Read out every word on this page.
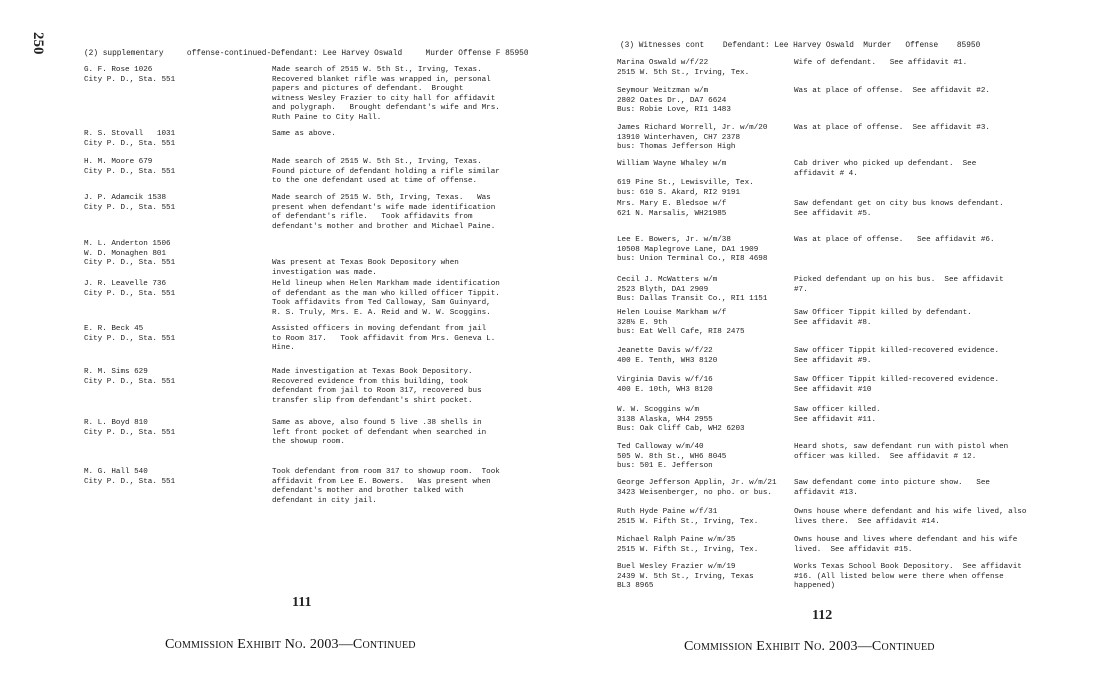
250	(2) supplementary     offense-continued-Defendant: Lee Harvey Oswald     Murder Offense F 85950
G. F. Rose 1026
City P. D., Sta. 551
Made search of 2515 W. 5th St., Irving, Texas.
Recovered blanket rifle was wrapped in, personal
papers and pictures of defendant.  Brought
witness Wesley Frazier to city hall for affidavit
and polygraph.   Brought defendant's wife and Mrs.
Ruth Paine to City Hall.
R. S. Stovall   1031
City P. D., Sta. 551
Same as above.
H. M. Moore 679
City P. D., Sta. 551
Made search of 2515 W. 5th St., Irving, Texas.
Found picture of defendant holding a rifle similar
to the one defendant used at time of offense.
J. P. Adamcik 1538
City P. D., Sta. 551
Made search of 2515 W. 5th, Irving, Texas.   Was
present when defendant's wife made identification
of defendant's rifle.   Took affidavits from
defendant's mother and brother and Michael Paine.
M. L. Anderton 1506
W. D. Monaghen 801
City P. D., Sta. 551	

Was present at Texas Book Depository when
investigation was made.
J. R. Leavelle 736
City P. D., Sta. 551
Held lineup when Helen Markham made identification
of defendant as the man who killed officer Tippit.
Took affidavits from Ted Calloway, Sam Guinyard,
R. S. Truly, Mrs. E. A. Reid and W. W. Scoggins.
E. R. Beck 45
City P. D., Sta. 551
Assisted officers in moving defendant from jail
to Room 317.   Took affidavit from Mrs. Geneva L.
Hine.
R. M. Sims 629
City P. D., Sta. 551
Made investigation at Texas Book Depository.
Recovered evidence from this building, took
defendant from jail to Room 317, recovered bus
transfer slip from defendant's shirt pocket.
R. L. Boyd 810
City P. D., Sta. 551
Same as above, also found 5 live .38 shells in
left front pocket of defendant when searched in
the showup room.
M. G. Hall 540
City P. D., Sta. 551
Took defendant from room 317 to showup room.  Took
affidavit from Lee E. Bowers.   Was present when
defendant's mother and brother talked with
defendant in city jail.
111
Commission Exhibit No. 2003—Continued
(3) Witnesses cont    Defendant: Lee Harvey Oswald  Murder   Offense    85950
Marina Oswald w/f/22
2515 W. 5th St., Irving, Tex.
Wife of defendant.   See affidavit #1.
Seymour Weitzman w/m
2802 Oates Dr., DA7 6624
Bus: Robie Love, RI1 1483
Was at place of offense.  See affidavit #2.
James Richard Worrell, Jr. w/m/20
13910 Winterhaven, CH7 2378
bus: Thomas Jefferson High
Was at place of offense.  See affidavit #3.
William Wayne Whaley w/m

619 Pine St., Lewisville, Tex.
bus: 610 S. Akard, RI2 9191
Cab driver who picked up defendant.  See
affidavit # 4.
Mrs. Mary E. Bledsoe w/f
621 N. Marsalis, WH21985
Saw defendant get on city bus knows defendant.
See affidavit #5.
Lee E. Bowers, Jr. w/m/38
10508 Maplegrove Lane, DA1 1909
bus: Union Terminal Co., RI8 4698
Was at place of offense.   See affidavit #6.
Cecil J. McWatters w/m
2523 Blyth, DA1 2909
Bus: Dallas Transit Co., RI1 1151
Picked defendant up on his bus.  See affidavit
#7.
Helen Louise Markham w/f
328½ E. 9th
bus: Eat Well Cafe, RI8 2475
Saw Officer Tippit killed by defendant.
See affidavit #8.
Jeanette Davis w/f/22
400 E. Tenth, WH3 8120
Saw officer Tippit killed-recovered evidence.
See affidavit #9.
Virginia Davis w/f/16
400 E. 10th, WH3 8120
Saw Officer Tippit killed-recovered evidence.
See affidavit #10
W. W. Scoggins w/m
3138 Alaska, WH4 2955
Bus: Oak Cliff Cab, WH2 6203
Saw officer killed.
See affidavit #11.
Ted Calloway w/m/40
505 W. 8th St., WH6 8045
bus: 501 E. Jefferson
Heard shots, saw defendant run with pistol when
officer was killed.  See affidavit # 12.
George Jefferson Applin, Jr. w/m/21
3423 Weisenberger, no pho. or bus.
Saw defendant come into picture show.   See
affidavit #13.
Ruth Hyde Paine w/f/31
2515 W. Fifth St., Irving, Tex.
Owns house where defendant and his wife lived, also
lives there.  See affidavit #14.
Michael Ralph Paine w/m/35
2515 W. Fifth St., Irving, Tex.
Owns house and lives where defendant and his wife
lived.  See affidavit #15.
Buel Wesley Frazier w/m/19
2439 W. 5th St., Irving, Texas
BL3 8965
Works Texas School Book Depository.  See affidavit
#16. (All listed below were there when offense
happened)
112
Commission Exhibit No. 2003—Continued
